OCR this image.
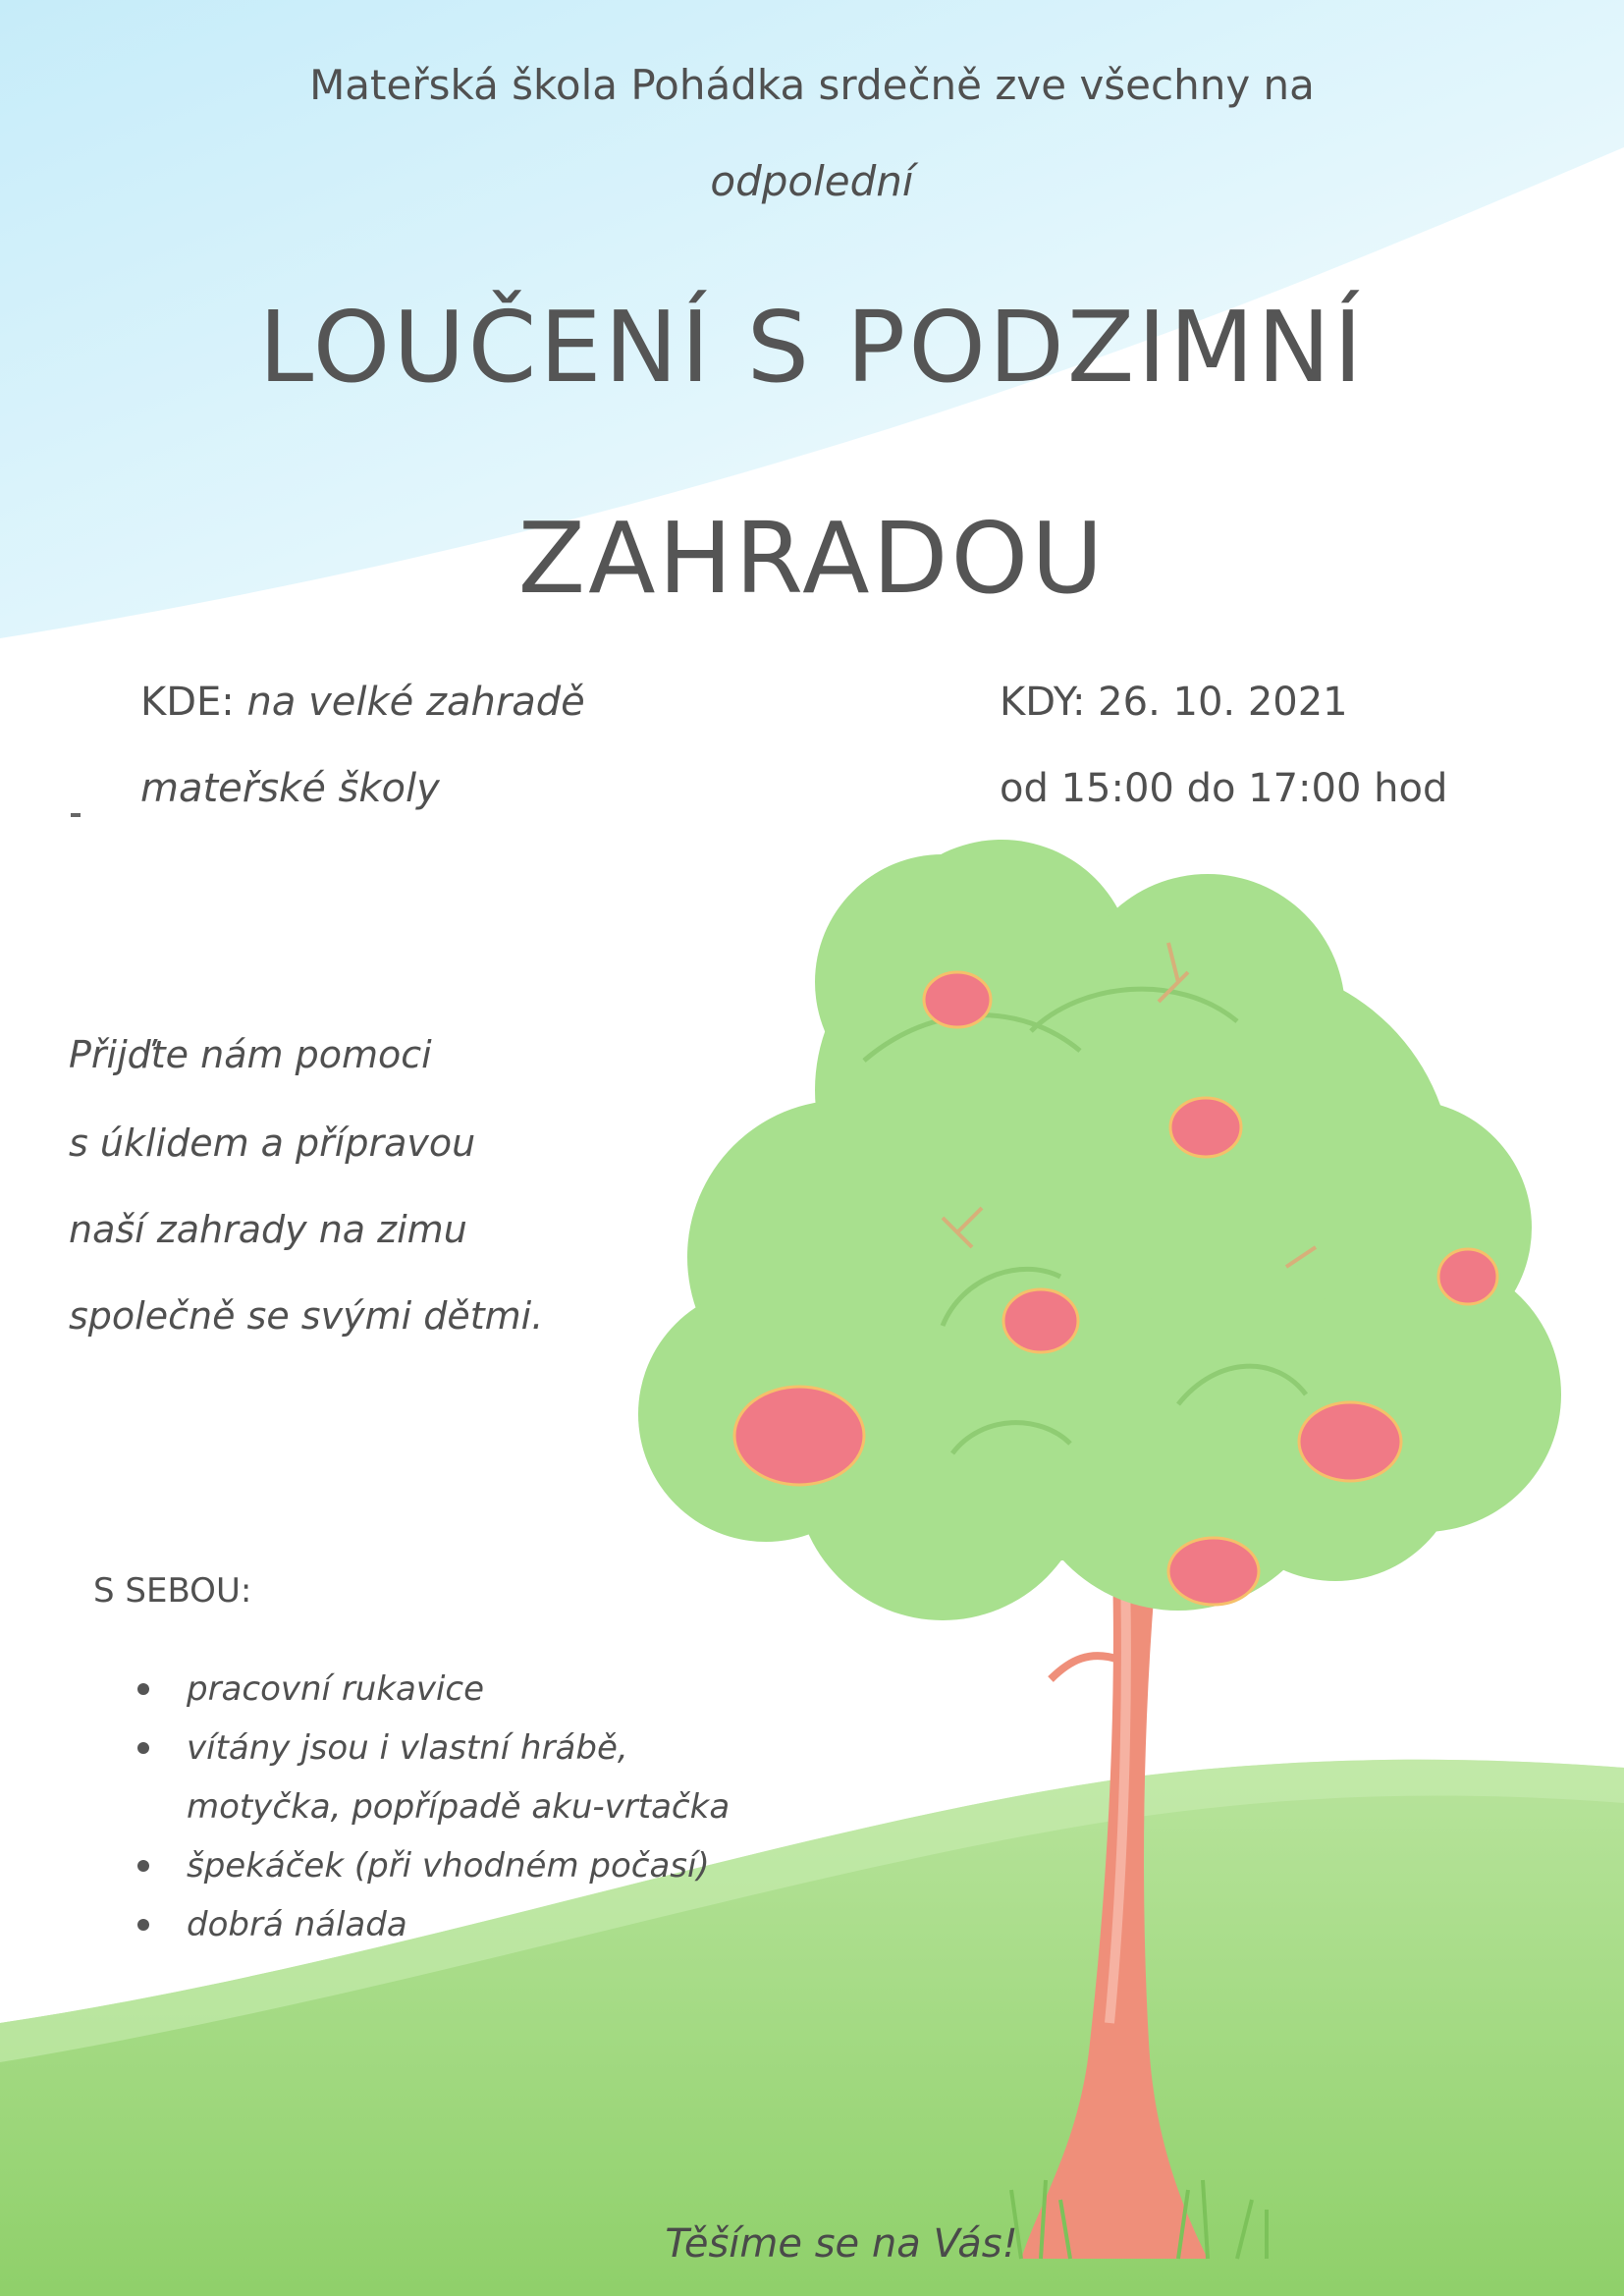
Mateřská škola Pohádka srdečně zve všechny na
odpolední
LOUČENÍ S PODZIMNÍ
ZAHRADOU
KDE: na velké zahradě
mateřské školy
KDY: 26. 10. 2021
od 15:00 do 17:00 hod
Přijďte nám pomoci
s úklidem a přípravou
naší zahrady na zimu
společně se svými dětmi.
S SEBOU:
pracovní rukavice
vítány jsou i vlastní hrábě,
motyčka, popřípadě aku-vrtačka
špekáček (při vhodném počasí)
dobrá nálada
Těšíme se na Vás!
